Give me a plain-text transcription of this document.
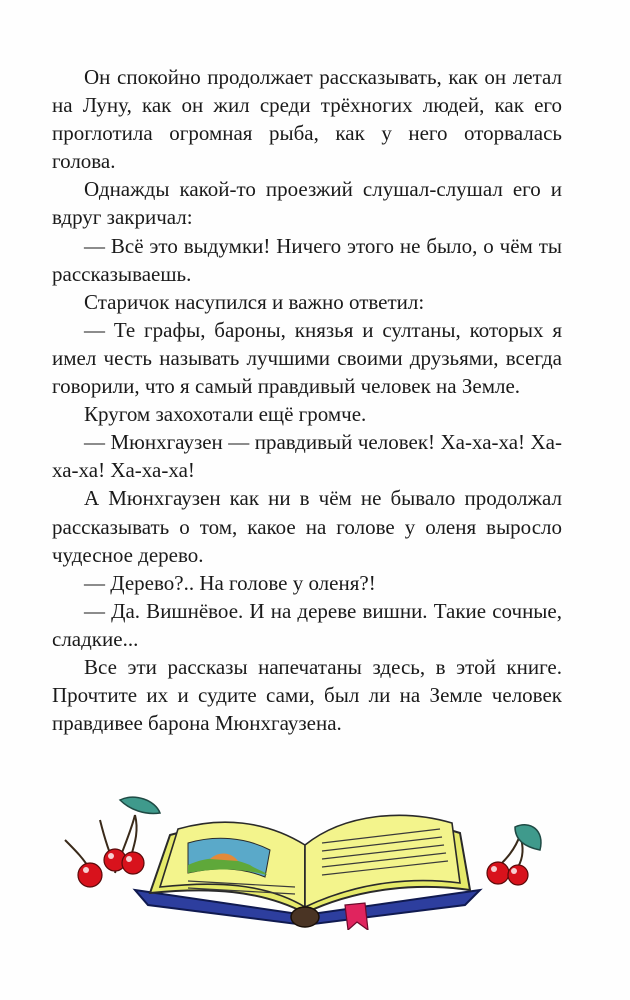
Он спокойно продолжает рассказывать, как он летал на Луну, как он жил среди трёхногих людей, как его проглотила огромная рыба, как у него оторвалась голова.

Однажды какой-то проезжий слушал-слушал его и вдруг закричал:

— Всё это выдумки! Ничего этого не было, о чём ты рассказываешь.

Старичок насупился и важно ответил:

— Те графы, бароны, князья и султаны, которых я имел честь называть лучшими своими друзьями, всегда говорили, что я самый правдивый человек на Земле.

Кругом захохотали ещё громче.

— Мюнхгаузен — правдивый человек! Ха-ха-ха! Ха-ха-ха! Ха-ха-ха!

А Мюнхгаузен как ни в чём не бывало продолжал рассказывать о том, какое на голове у оленя выросло чудесное дерево.

— Дерево?.. На голове у оленя?!

— Да. Вишнёвое. И на дереве вишни. Такие сочные, сладкие...

Все эти рассказы напечатаны здесь, в этой книге. Прочтите их и судите сами, был ли на Земле человек правдивее барона Мюнхгаузена.
